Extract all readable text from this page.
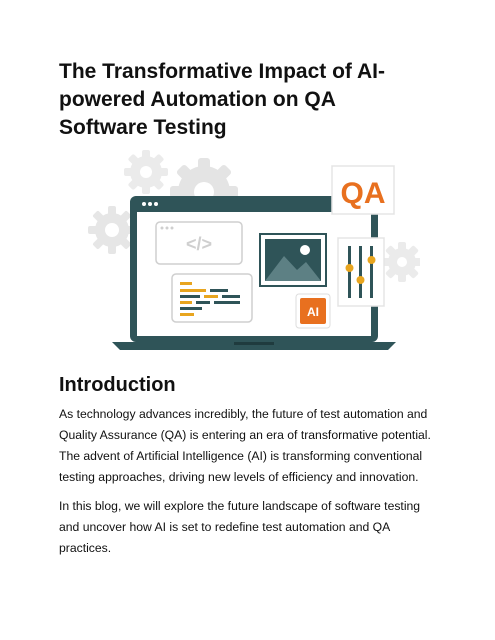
The Transformative Impact of AI-powered Automation on QA Software Testing
</>
AI
QA
Introduction

As technology advances incredibly, the future of test automation and Quality Assurance (QA) is entering an era of transformative potential. The advent of Artificial Intelligence (AI) is transforming conventional testing approaches, driving new levels of efficiency and innovation.

In this blog, we will explore the future landscape of software testing and uncover how AI is set to redefine test automation and QA practices.
